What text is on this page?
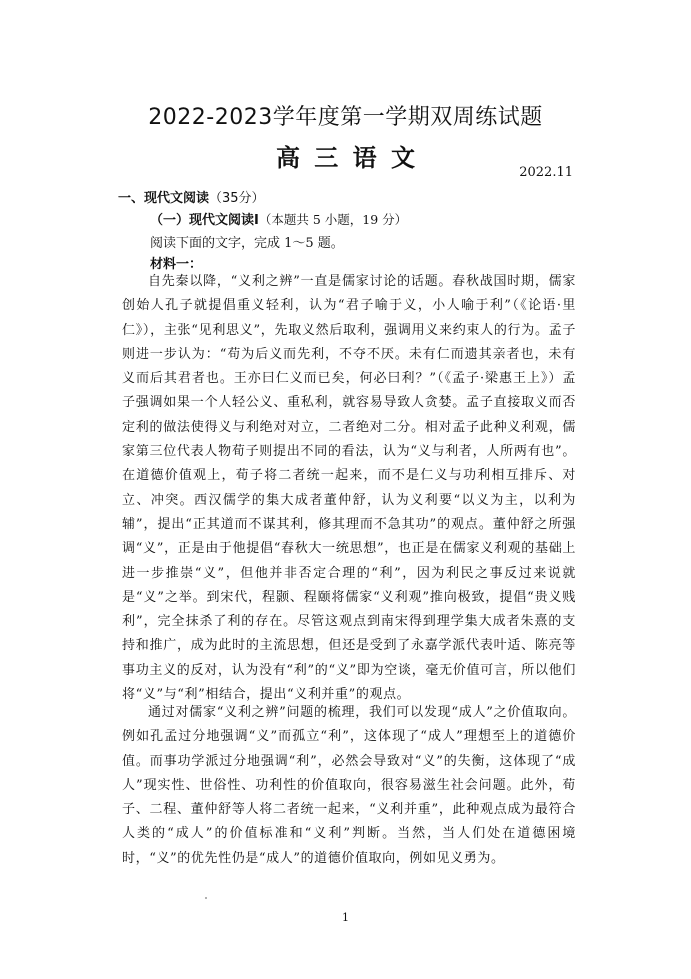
2022-2023学年度第一学期双周练试题
高 三 语 文
2022.11
一、现代文阅读（35分）
（一）现代文阅读Ⅰ（本题共 5 小题，19 分）
阅读下面的文字，完成 1～5 题。
材料一：
自先秦以降，“义利之辨”一直是儒家讨论的话题。春秋战国时期，儒家创始人孔子就提倡重义轻利，认为“君子喻于义，小人喻于利”（《论语·里仁》），主张“见利思义”，先取义然后取利，强调用义来约束人的行为。孟子则进一步认为：“苟为后义而先利，不夺不厌。未有仁而遗其亲者也，未有义而后其君者也。王亦曰仁义而已矣，何必曰利？”（《孟子·梁惠王上》）孟子强调如果一个人轻公义、重私利，就容易导致人贪婪。孟子直接取义而否定利的做法使得义与利绝对对立，二者绝对二分。相对孟子此种义利观，儒家第三位代表人物荀子则提出不同的看法，认为“义与利者，人所两有也”。在道德价值观上，荀子将二者统一起来，而不是仁义与功利相互排斥、对立、冲突。西汉儒学的集大成者董仲舒，认为义利要“以义为主，以利为辅”，提出“正其道而不谋其利，修其理而不急其功”的观点。董仲舒之所强调“义”，正是由于他提倡“春秋大一统思想”，也正是在儒家义利观的基础上进一步推崇“义”，但他并非否定合理的“利”，因为利民之事反过来说就是“义”之举。到宋代，程颢、程颐将儒家“义利观”推向极致，提倡“贵义贱利”，完全抹杀了利的存在。尽管这观点到南宋得到理学集大成者朱熹的支持和推广，成为此时的主流思想，但还是受到了永嘉学派代表叶适、陈亮等事功主义的反对，认为没有“利”的“义”即为空谈，毫无价值可言，所以他们将“义”与“利”相结合，提出“义利并重”的观点。
通过对儒家“义利之辨”问题的梳理，我们可以发现“成人”之价值取向。例如孔孟过分地强调“义”而孤立“利”，这体现了“成人”理想至上的道德价值。而事功学派过分地强调“利”，必然会导致对“义”的失衡，这体现了“成人”现实性、世俗性、功利性的价值取向，很容易滋生社会问题。此外，荀子、二程、董仲舒等人将二者统一起来，“义利并重”，此种观点成为最符合人类的“成人”的价值标准和“义利”判断。当然，当人们处在道德困境时，“义”的优先性仍是“成人”的道德价值取向，例如见义勇为。
1
